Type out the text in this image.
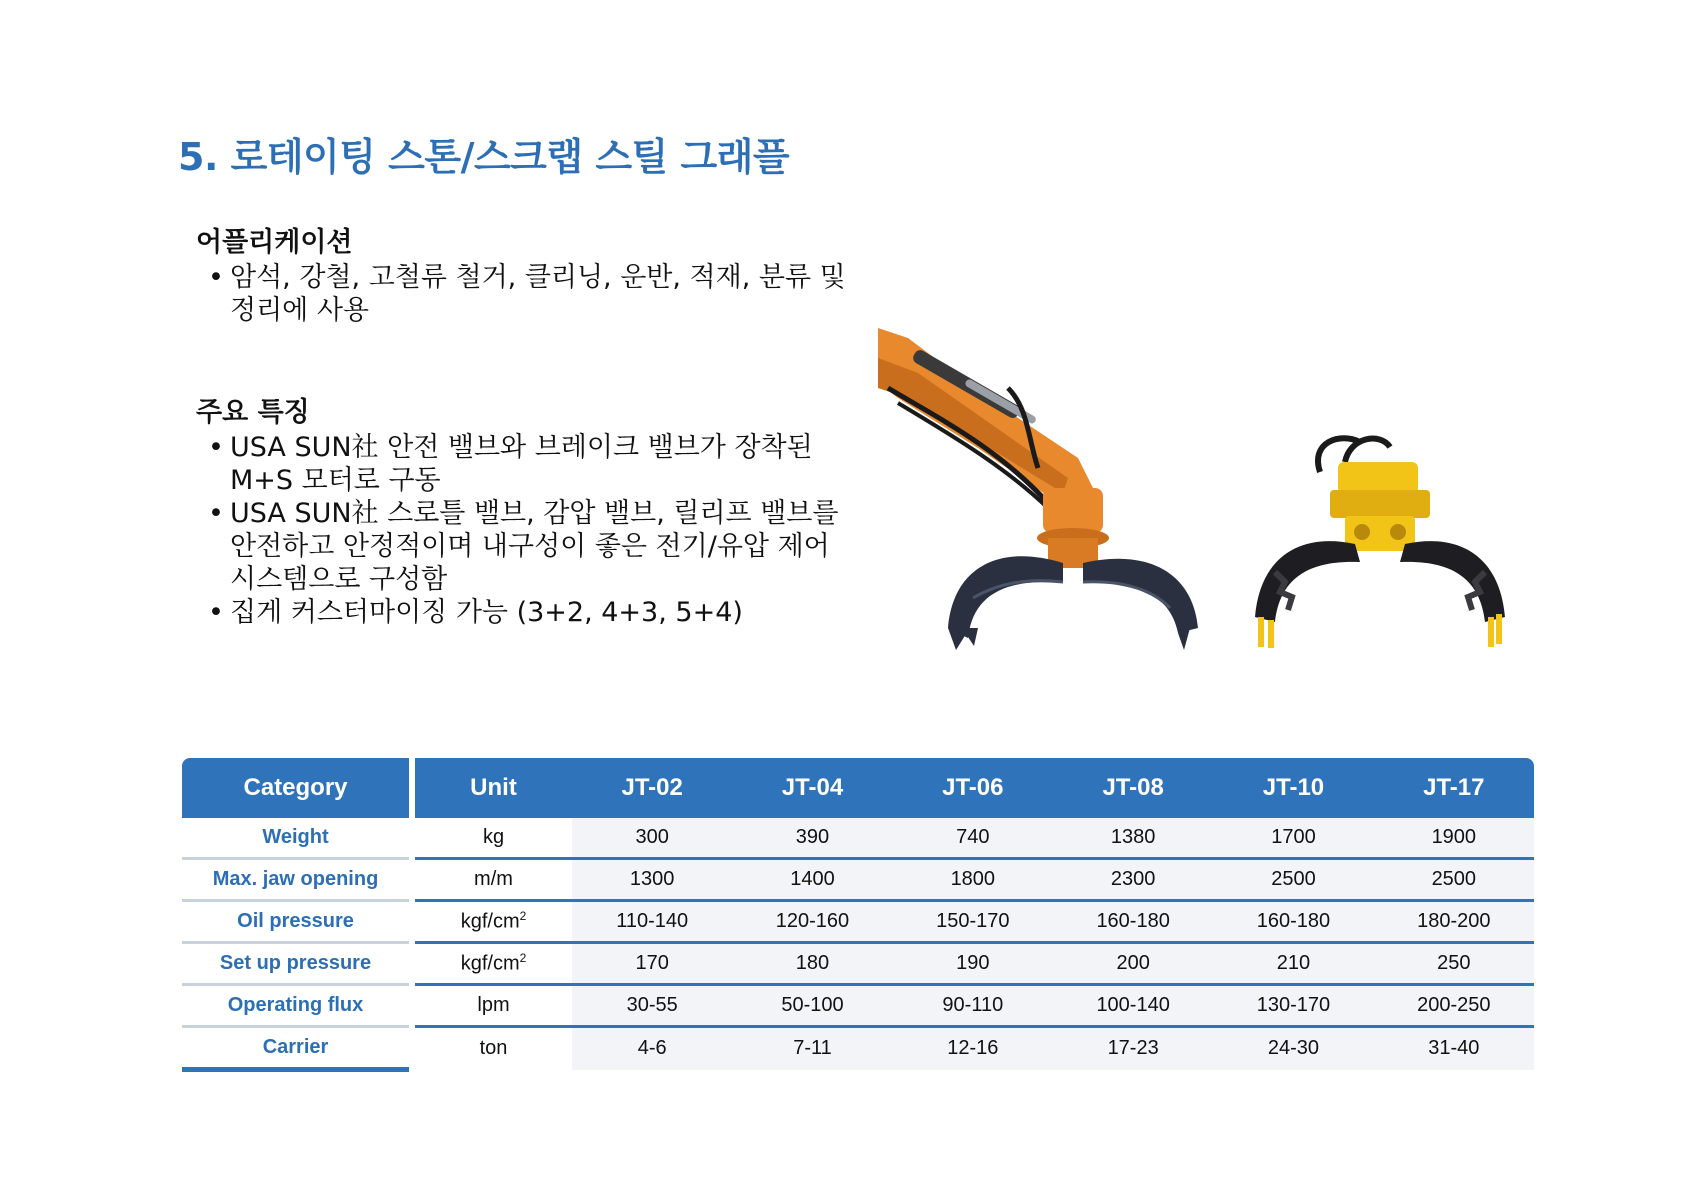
5. 로테이팅 스톤/스크랩 스틸 그래플
어플리케이션
• 암석, 강철, 고철류 철거, 클리닝, 운반, 적재, 분류 및
정리에 사용
주요 특징
• USA SUN社 안전 밸브와 브레이크 밸브가 장착된
M+S 모터로 구동
• USA SUN社 스로틀 밸브, 감압 밸브, 릴리프 밸브를
안전하고 안정적이며 내구성이 좋은 전기/유압 제어
시스템으로 구성함
• 집게 커스터마이징 가능 (3+2, 4+3, 5+4)
Category	Unit	JT-02	JT-04	JT-06	JT-08	JT-10	JT-17
Weight	kg	300	390	740	1380	1700	1900
Max. jaw opening	m/m	1300	1400	1800	2300	2500	2500
Oil pressure	kgf/$cm^2$	110-140	120-160	150-170	160-180	160-180	180-200
Set up pressure	kgf/$cm^2$	170	180	190	200	210	250
Operating flux	lpm	30-55	50-100	90-110	100-140	130-170	200-250
Carrier	ton	4-6	7-11	12-16	17-23	24-30	31-40
